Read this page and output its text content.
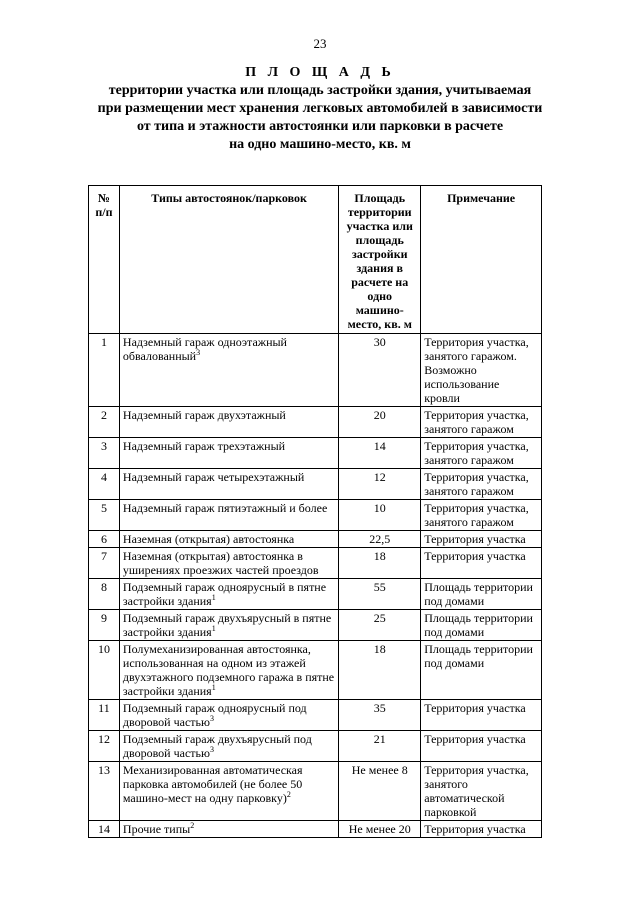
23
П Л О Щ А Д Ь
территории участка или площадь застройки здания, учитываемая
при размещении мест хранения легковых автомобилей в зависимости
от типа и этажности автостоянки или парковки в расчете
на одно машино-место, кв. м
№ п/п	Типы автостоянок/парковок	Площадь территории участка или площадь застройки здания в расчете на одно машино-место, кв. м	Примечание
1	Надземный гараж одноэтажный обвалованный$^3$	30	Территория участка, занятого гаражом. Возможно использование кровли
2	Надземный гараж двухэтажный	20	Территория участка, занятого гаражом
3	Надземный гараж трехэтажный	14	Территория участка, занятого гаражом
4	Надземный гараж четырехэтажный	12	Территория участка, занятого гаражом
5	Надземный гараж пятиэтажный и более	10	Территория участка, занятого гаражом
6	Наземная (открытая) автостоянка	22,5	Территория участка
7	Наземная (открытая) автостоянка в уширениях проезжих частей проездов	18	Территория участка
8	Подземный гараж одноярусный в пятне застройки здания$^1$	55	Площадь территории под домами
9	Подземный гараж двухъярусный в пятне застройки здания$^1$	25	Площадь территории под домами
10	Полумеханизированная автостоянка, использованная на одном из этажей двухэтажного подземного гаража в пятне застройки здания$^1$	18	Площадь территории под домами
11	Подземный гараж одноярусный под дворовой частью$^3$	35	Территория участка
12	Подземный гараж двухъярусный под дворовой частью$^3$	21	Территория участка
13	Механизированная автоматическая парковка автомобилей (не более 50 машино-мест на одну парковку)$^2$	Не менее 8	Территория участка, занятого автоматической парковкой
14	Прочие типы$^2$	Не менее 20	Территория участка
